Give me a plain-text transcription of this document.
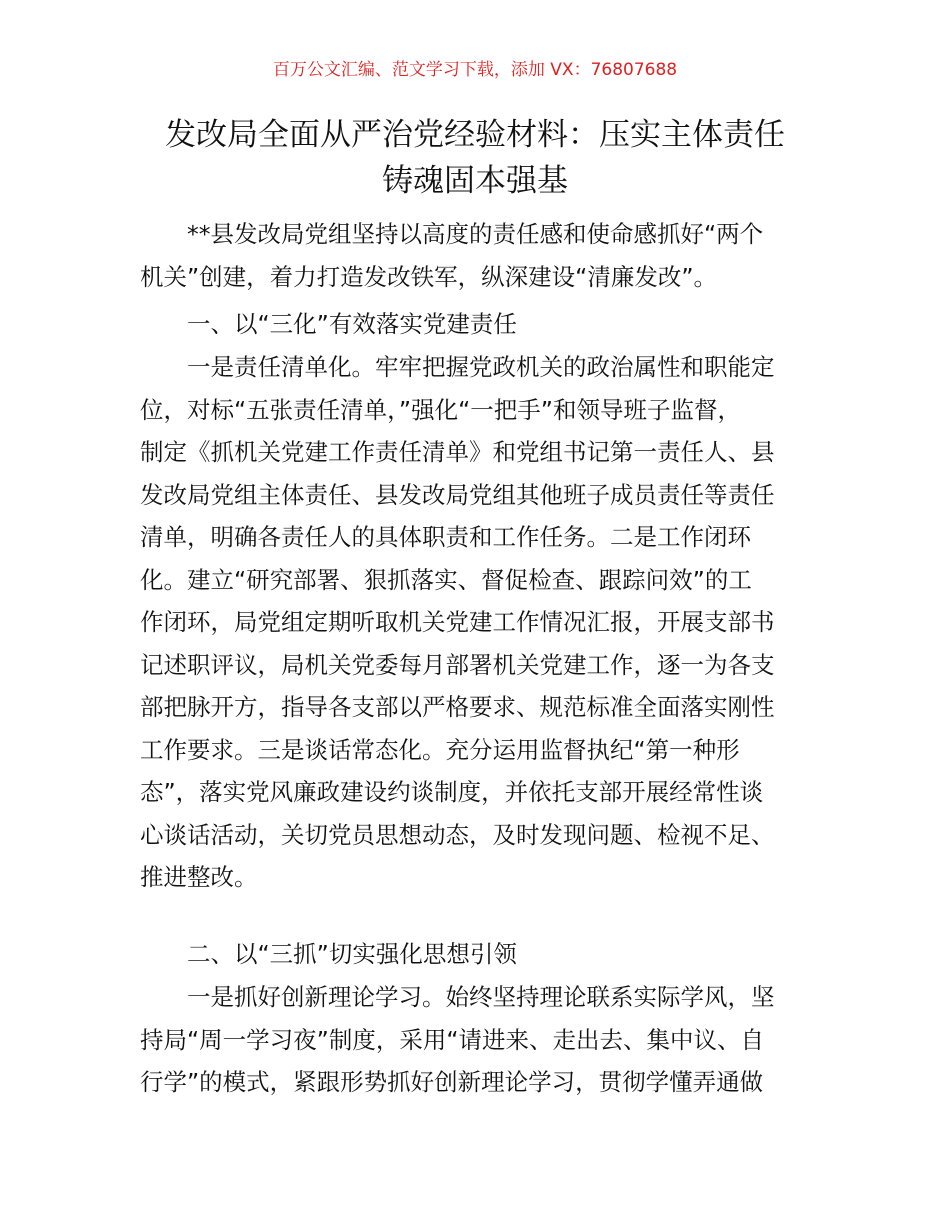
百万公文汇编、范文学习下载，添加 VX：76807688
发改局全面从严治党经验材料：压实主体责任
铸魂固本强基
**县发改局党组坚持以高度的责任感和使命感抓好“两个
机关”创建，着力打造发改铁军，纵深建设“清廉发改”。
一、以“三化”有效落实党建责任
一是责任清单化。牢牢把握党政机关的政治属性和职能定
位，对标“五张责任清单，”强化“一把手”和领导班子监督，
制定《抓机关党建工作责任清单》和党组书记第一责任人、县
发改局党组主体责任、县发改局党组其他班子成员责任等责任
清单，明确各责任人的具体职责和工作任务。二是工作闭环
化。建立“研究部署、狠抓落实、督促检查、跟踪问效”的工
作闭环，局党组定期听取机关党建工作情况汇报，开展支部书
记述职评议，局机关党委每月部署机关党建工作，逐一为各支
部把脉开方，指导各支部以严格要求、规范标准全面落实刚性
工作要求。三是谈话常态化。充分运用监督执纪“第一种形
态”，落实党风廉政建设约谈制度，并依托支部开展经常性谈
心谈话活动，关切党员思想动态，及时发现问题、检视不足、
推进整改。
二、以“三抓”切实强化思想引领
一是抓好创新理论学习。始终坚持理论联系实际学风，坚
持局“周一学习夜”制度，采用“请进来、走出去、集中议、自
行学”的模式，紧跟形势抓好创新理论学习，贯彻学懂弄通做
